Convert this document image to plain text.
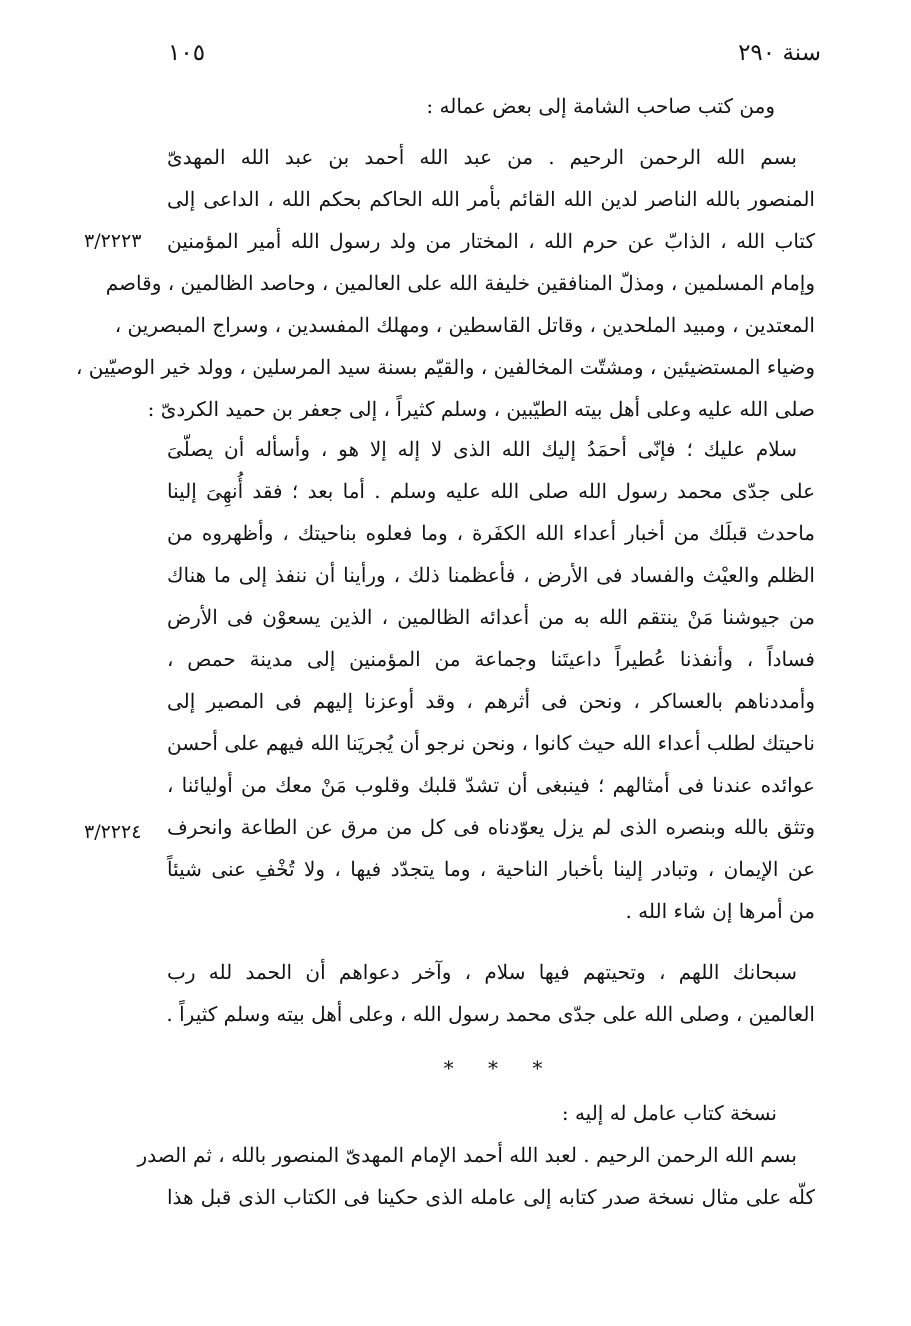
سنة ٢٩٠
١٠٥
٣/٢٢٢٣
٣/٢٢٢٤
ومن كتب صاحب الشامة إلى بعض عماله :
بسم الله الرحمن الرحيم . من عبد الله أحمد بن عبد الله المهدىّ
المنصور بالله الناصر لدين الله القائم بأمر الله الحاكم بحكم الله ، الداعى إلى
كتاب الله ، الذابّ عن حرم الله ، المختار من ولد رسول الله أمير المؤمنين
وإمام المسلمين ، ومذلّ المنافقين خليفة الله على العالمين ، وحاصد الظالمين ، وقاصم
المعتدين ، ومبيد الملحدين ، وقاتل القاسطين ، ومهلك المفسدين ، وسراج المبصرين ،
وضياء المستضيئين ، ومشتّت المخالفين ، والقيّم بسنة سيد المرسلين ، وولد خير الوصيّين ،
صلى الله عليه وعلى أهل بيته الطيّبين ، وسلم كثيراً ، إلى جعفر بن حميد الكردىّ :
سلام عليك ؛ فإنّى أحمَدُ إليك الله الذى لا إله إلا هو ، وأسأله أن يصلّىَ
على جدّى محمد رسول الله صلى الله عليه وسلم . أما بعد ؛ فقد أُنهِىَ إلينا
ماحدث قبلَك من أخبار أعداء الله الكفَرة ، وما فعلوه بناحيتك ، وأظهروه من
الظلم والعيْث والفساد فى الأرض ، فأعظمنا ذلك ، ورأينا أن ننفذ إلى ما هناك
من جيوشنا مَنْ ينتقم الله به من أعدائه الظالمين ، الذين يسعوْن فى الأرض
فساداً ، وأنفذنا عُطيراً داعيتَنا وجماعة من المؤمنين إلى مدينة حمص ،
وأمددناهم بالعساكر ، ونحن فى أثرهم ، وقد أوعزنا إليهم فى المصير إلى
ناحيتك لطلب أعداء الله حيث كانوا ، ونحن نرجو أن يُجريَنا الله فيهم على أحسن
عوائده عندنا فى أمثالهم ؛ فينبغى أن تشدّ قلبك وقلوب مَنْ معك من أوليائنا ،
وتثق بالله وبنصره الذى لم يزل يعوّدناه فى كل من مرق عن الطاعة وانحرف
عن الإيمان ، وتبادر إلينا بأخبار الناحية ، وما يتجدّد فيها ، ولا تُخْفِ عنى شيئاً
من أمرها إن شاء الله .
سبحانك اللهم ، وتحيتهم فيها سلام ، وآخر دعواهم أن الحمد لله رب
العالمين ، وصلى الله على جدّى محمد رسول الله ، وعلى أهل بيته وسلم كثيراً .
* * *
نسخة كتاب عامل له إليه :
بسم الله الرحمن الرحيم . لعبد الله أحمد الإمام المهدىّ المنصور بالله ، ثم الصدر
كلّه على مثال نسخة صدر كتابه إلى عامله الذى حكينا فى الكتاب الذى قبل هذا
